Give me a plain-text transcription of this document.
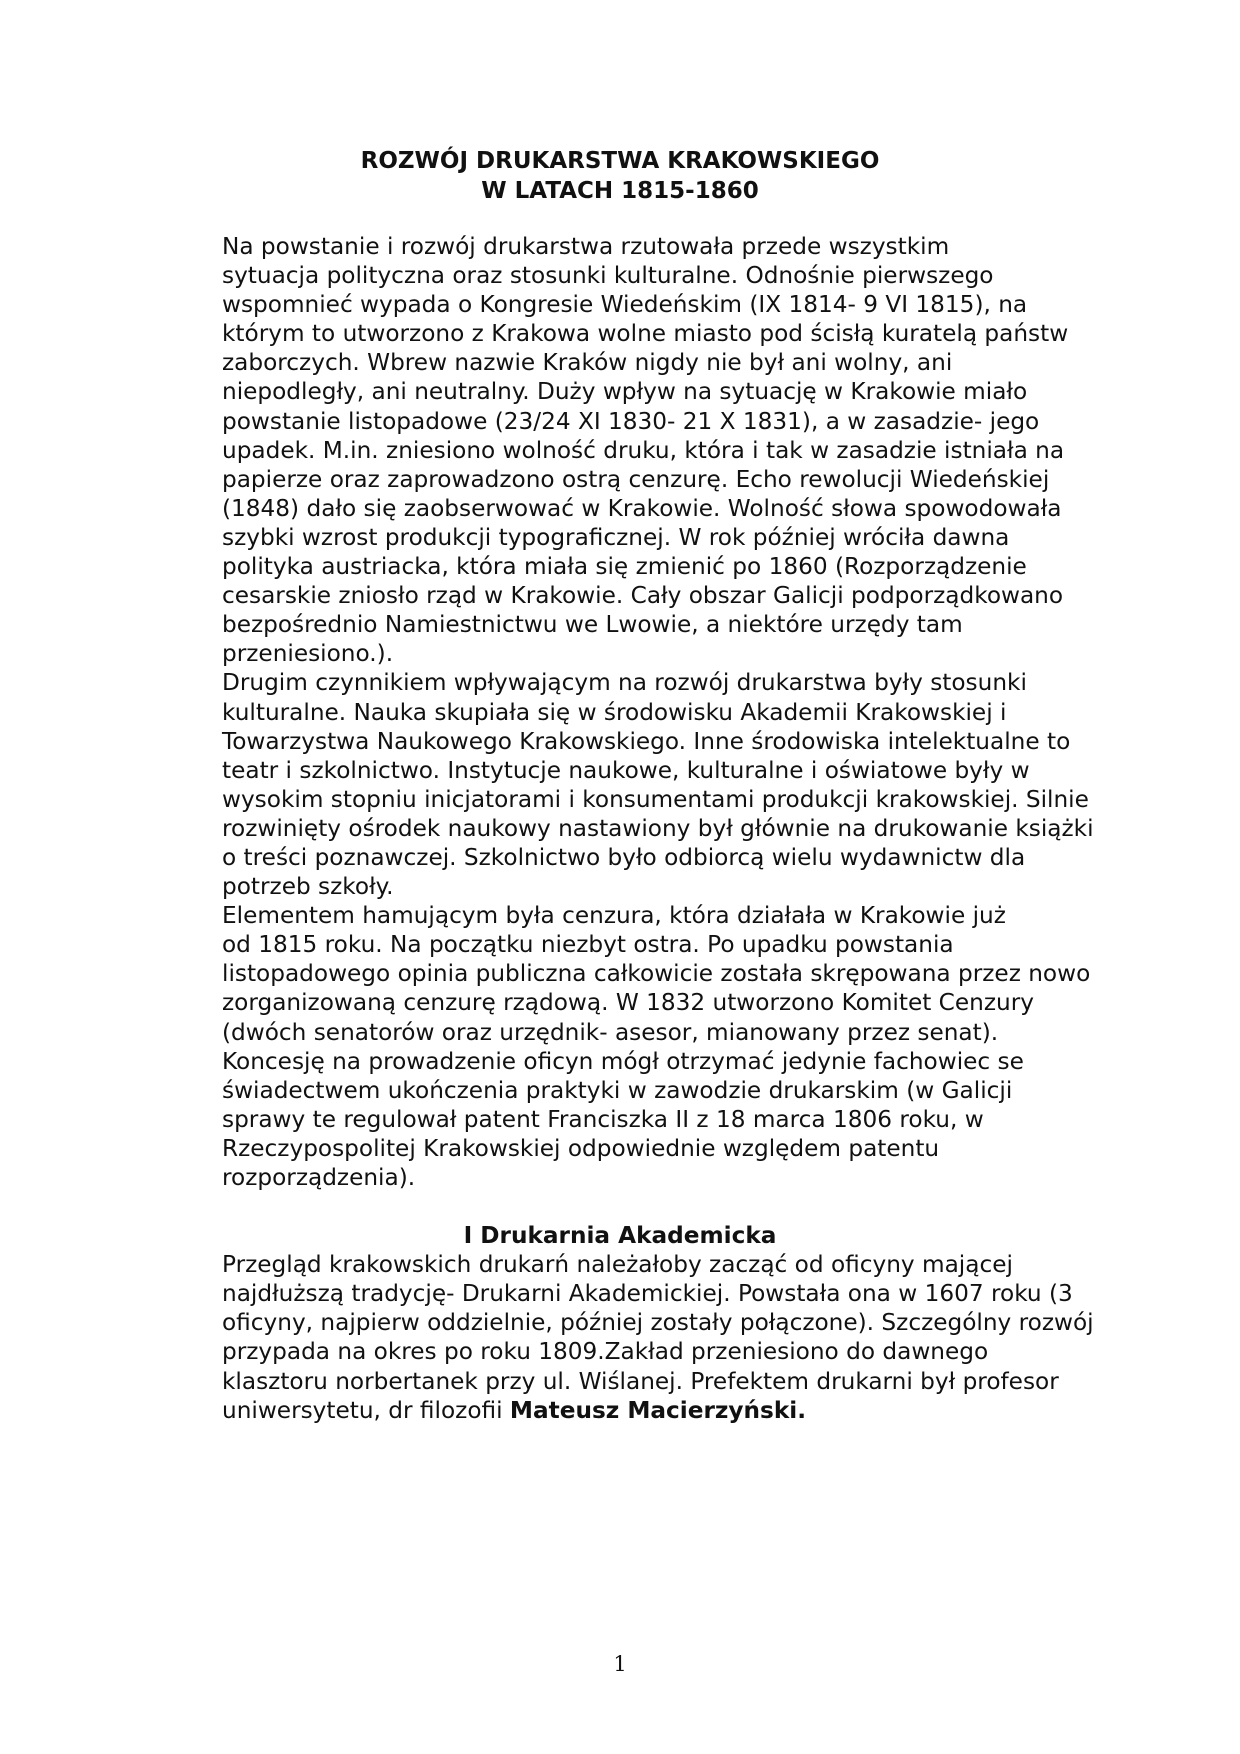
ROZWÓJ DRUKARSTWA KRAKOWSKIEGO
W LATACH 1815-1860

Na powstanie i rozwój drukarstwa rzutowała przede wszystkim
sytuacja polityczna oraz stosunki kulturalne. Odnośnie pierwszego
wspomnieć wypada o Kongresie Wiedeńskim (IX 1814- 9 VI 1815), na
którym to utworzono z Krakowa wolne miasto pod ścisłą kuratelą państw
zaborczych. Wbrew nazwie Kraków nigdy nie był ani wolny, ani
niepodległy, ani neutralny. Duży wpływ na sytuację w Krakowie miało
powstanie listopadowe (23/24 XI 1830- 21 X 1831), a w zasadzie- jego
upadek. M.in. zniesiono wolność druku, która i tak w zasadzie istniała na
papierze oraz zaprowadzono ostrą cenzurę. Echo rewolucji Wiedeńskiej
(1848) dało się zaobserwować w Krakowie. Wolność słowa spowodowała
szybki wzrost produkcji typograficznej. W rok później wróciła dawna
polityka austriacka, która miała się zmienić po 1860 (Rozporządzenie
cesarskie zniosło rząd w Krakowie. Cały obszar Galicji podporządkowano
bezpośrednio Namiestnictwu we Lwowie, a niektóre urzędy tam
przeniesiono.).

Drugim czynnikiem wpływającym na rozwój drukarstwa były stosunki
kulturalne. Nauka skupiała się w środowisku Akademii Krakowskiej i
Towarzystwa Naukowego Krakowskiego. Inne środowiska intelektualne to
teatr i szkolnictwo. Instytucje naukowe, kulturalne i oświatowe były w
wysokim stopniu inicjatorami i konsumentami produkcji krakowskiej. Silnie
rozwinięty ośrodek naukowy nastawiony był głównie na drukowanie książki
o treści poznawczej. Szkolnictwo było odbiorcą wielu wydawnictw dla
potrzeb szkoły.

Elementem hamującym była cenzura, która działała w Krakowie już
od 1815 roku. Na początku niezbyt ostra. Po upadku powstania
listopadowego opinia publiczna całkowicie została skrępowana przez nowo
zorganizowaną cenzurę rządową. W 1832 utworzono Komitet Cenzury
(dwóch senatorów oraz urzędnik- asesor, mianowany przez senat).

Koncesję na prowadzenie oficyn mógł otrzymać jedynie fachowiec se
świadectwem ukończenia praktyki w zawodzie drukarskim (w Galicji
sprawy te regulował patent Franciszka II z 18 marca 1806 roku, w
Rzeczypospolitej Krakowskiej odpowiednie względem patentu
rozporządzenia).

I Drukarnia Akademicka

Przegląd krakowskich drukarń należałoby zacząć od oficyny mającej
najdłuższą tradycję- Drukarni Akademickiej. Powstała ona w 1607 roku (3
oficyny, najpierw oddzielnie, później zostały połączone). Szczególny rozwój
przypada na okres po roku 1809.Zakład przeniesiono do dawnego
klasztoru norbertanek przy ul. Wiślanej. Prefektem drukarni był profesor
uniwersytetu, dr filozofii Mateusz Macierzyński.

1
